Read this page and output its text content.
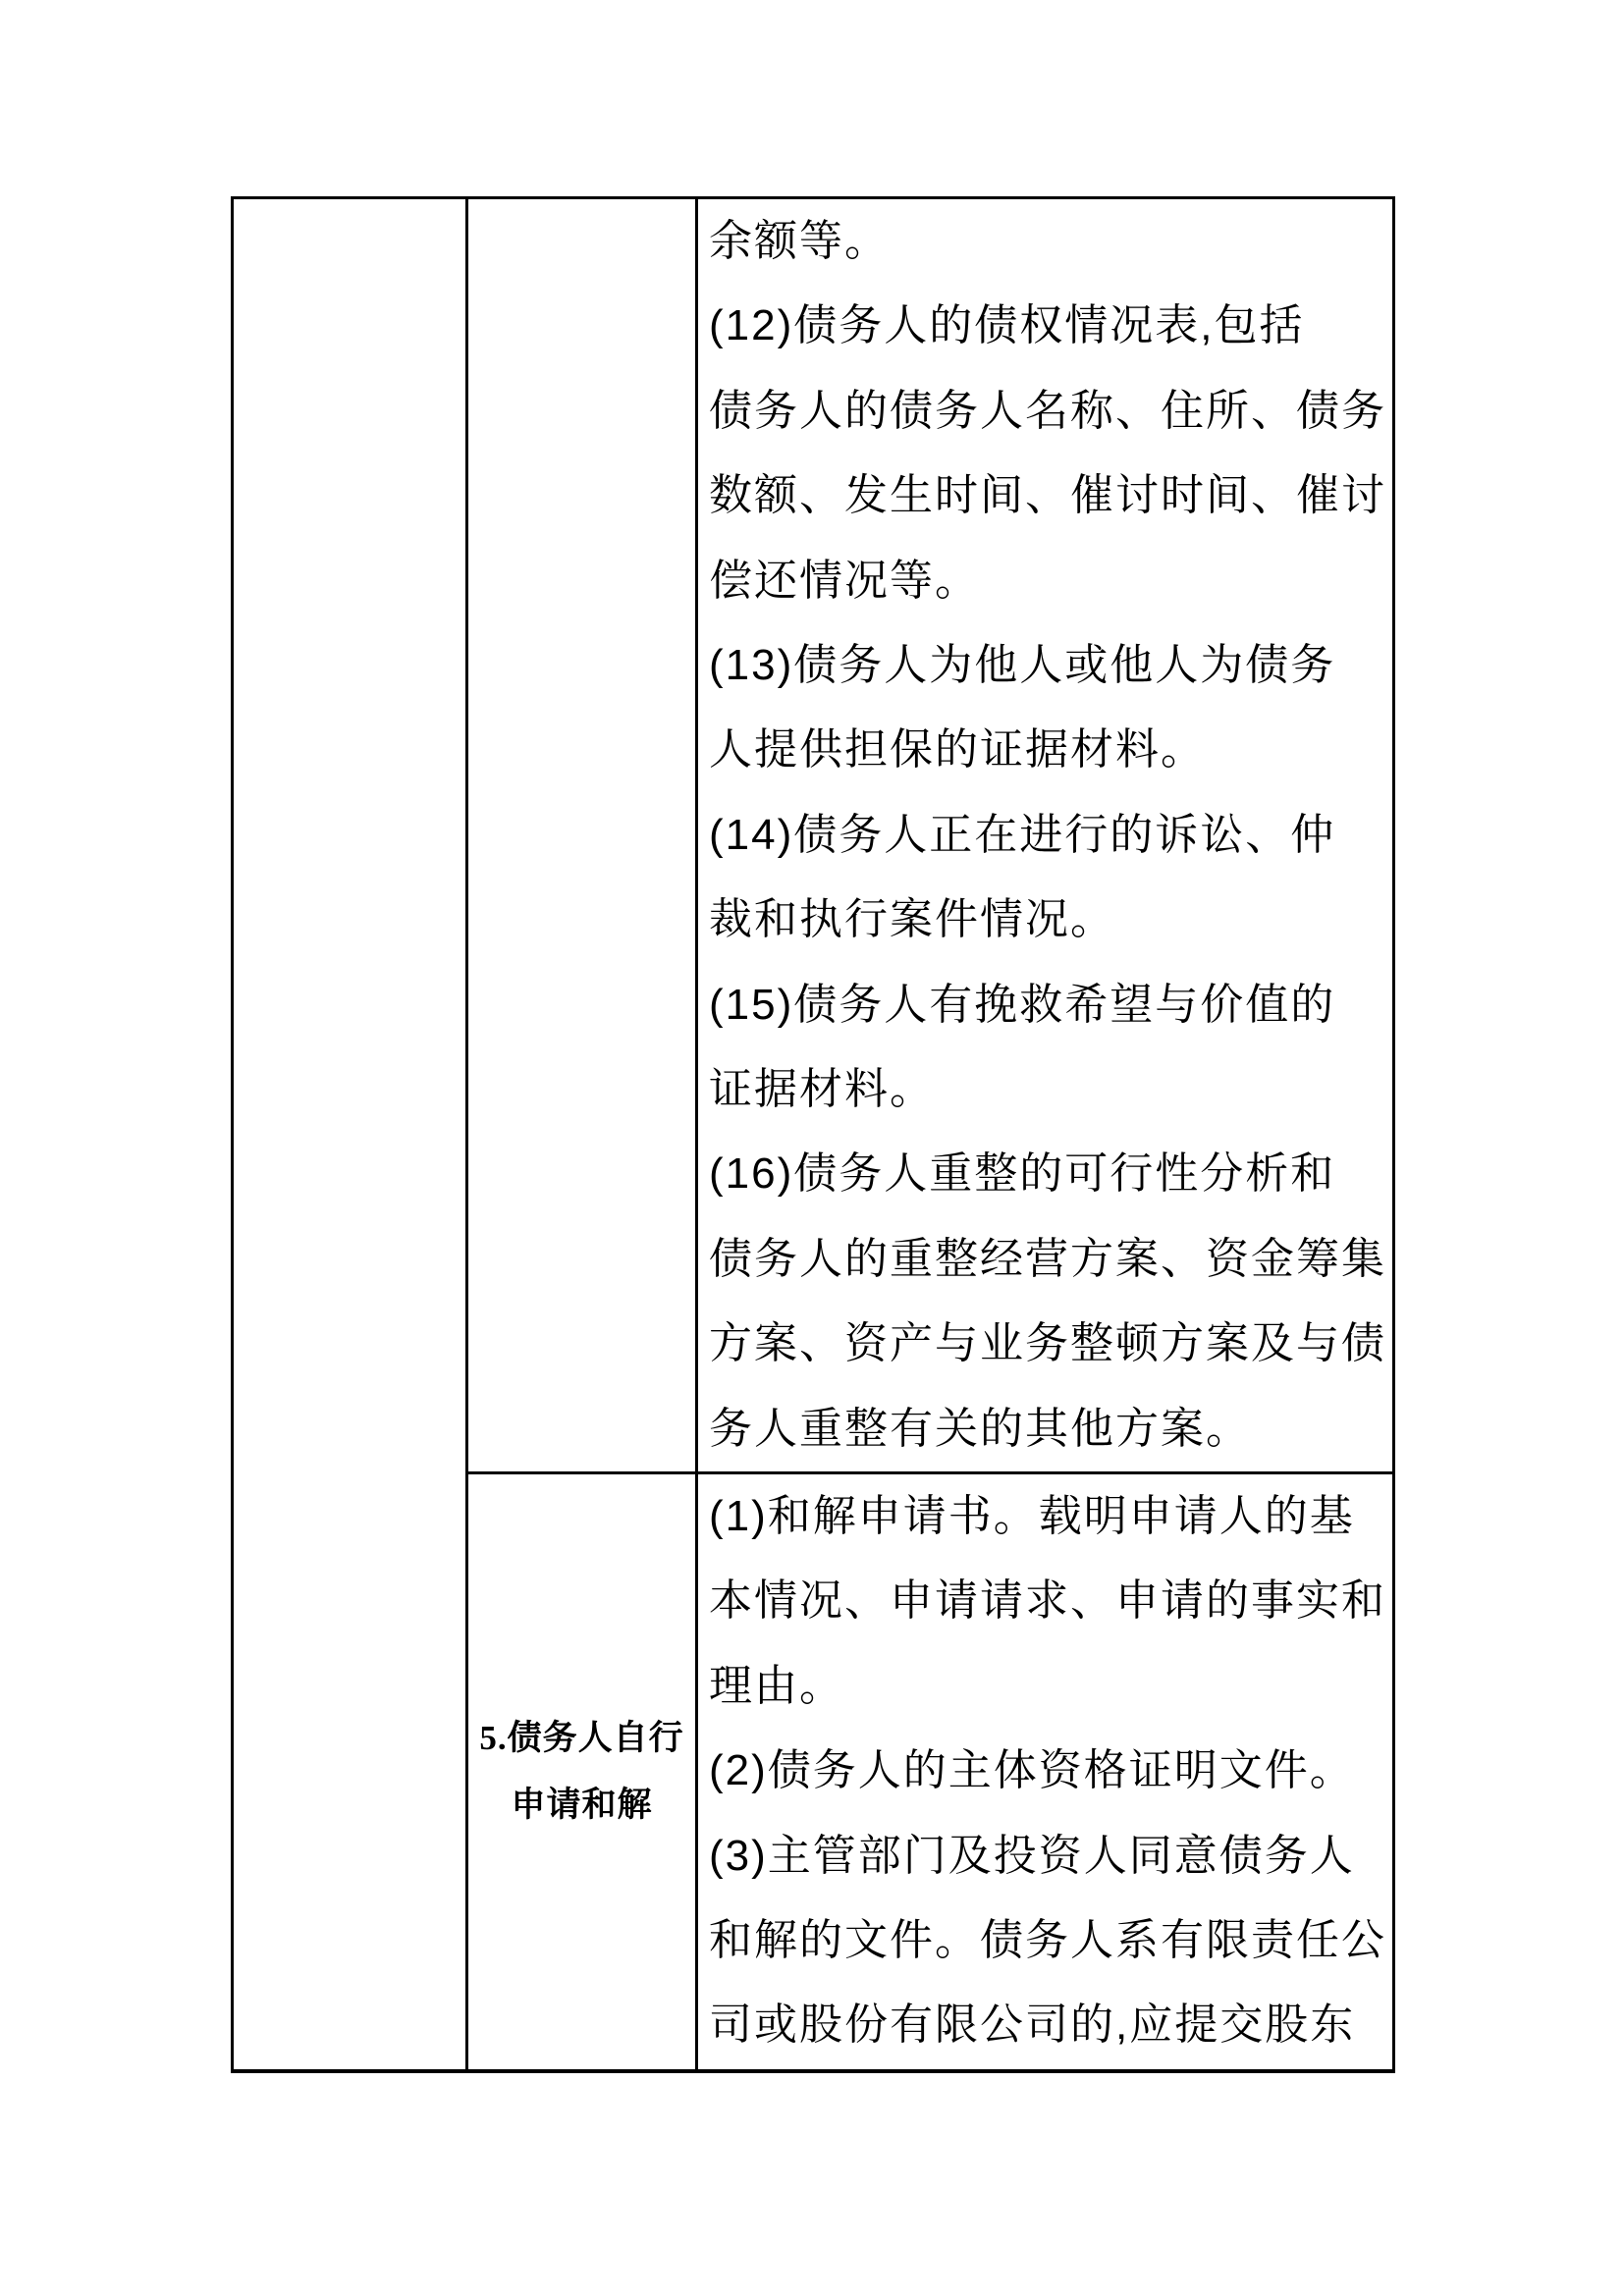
余额等。
(12)债务人的债权情况表,包括
债务人的债务人名称、住所、债务
数额、发生时间、催讨时间、催讨
偿还情况等。
(13)债务人为他人或他人为债务
人提供担保的证据材料。
(14)债务人正在进行的诉讼、仲
裁和执行案件情况。
(15)债务人有挽救希望与价值的
证据材料。
(16)债务人重整的可行性分析和
债务人的重整经营方案、资金筹集
方案、资产与业务整顿方案及与债
务人重整有关的其他方案。
5.债务人自行
申请和解
(1)和解申请书。载明申请人的基
本情况、申请请求、申请的事实和
理由。
(2)债务人的主体资格证明文件。
(3)主管部门及投资人同意债务人
和解的文件。债务人系有限责任公
司或股份有限公司的,应提交股东
